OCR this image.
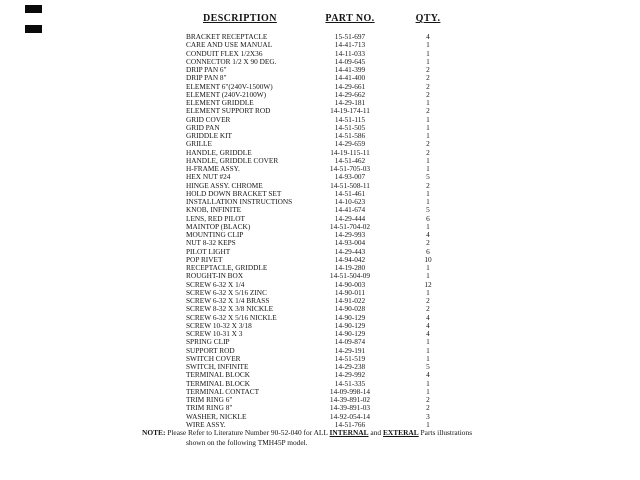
DESCRIPTION	PART NO.	QTY.
BRACKET RECEPTACLE	15-51-697	4
CARE AND USE MANUAL	14-41-713	1
CONDUIT FLEX 1/2X36	14-11-033	1
CONNECTOR 1/2 X 90 DEG.	14-09-645	1
DRIP PAN 6"	14-41-399	2
DRIP PAN 8"	14-41-400	2
ELEMENT 6"(240V-1500W)	14-29-661	2
ELEMENT (240V-2100W)	14-29-662	2
ELEMENT GRIDDLE	14-29-181	1
ELEMENT SUPPORT ROD	14-19-174-11	2
GRID COVER	14-51-115	1
GRID PAN	14-51-505	1
GRIDDLE KIT	14-51-586	1
GRILLE	14-29-659	2
HANDLE, GRIDDLE	14-19-115-11	2
HANDLE, GRIDDLE COVER	14-51-462	1
H-FRAME ASSY.	14-51-705-03	1
HEX NUT #24	14-93-007	5
HINGE ASSY. CHROME	14-51-508-11	2
HOLD DOWN BRACKET SET	14-51-461	1
INSTALLATION INSTRUCTIONS	14-10-623	1
KNOB, INFINITE	14-41-674	5
LENS, RED PILOT	14-29-444	6
MAINTOP (BLACK)	14-51-704-02	1
MOUNTING CLIP	14-29-993	4
NUT 8-32 KEPS	14-93-004	2
PILOT LIGHT	14-29-443	6
POP RIVET	14-94-042	10
RECEPTACLE, GRIDDLE	14-19-280	1
ROUGHT-IN BOX	14-51-504-09	1
SCREW 6-32 X 1/4	14-90-003	12
SCREW 6-32 X 5/16 ZINC	14-90-011	1
SCREW 6-32 X 1/4 BRASS	14-91-022	2
SCREW 8-32 X 3/8 NICKLE	14-90-028	2
SCREW 6-32 X 5/16 NICKLE	14-90-129	4
SCREW 10-32 X 3/18	14-90-129	4
SCREW 10-31 X 3	14-90-129	4
SPRING CLIP	14-09-874	1
SUPPORT ROD	14-29-191	1
SWITCH COVER	14-51-519	1
SWITCH, INFINITE	14-29-238	5
TERMINAL BLOCK	14-29-992	4
TERMINAL BLOCK	14-51-335	1
TERMINAL CONTACT	14-09-998-14	1
TRIM RING 6"	14-39-891-02	2
TRIM RING 8"	14-39-891-03	2
WASHER, NICKLE	14-92-054-14	3
WIRE ASSY.	14-51-766	1
NOTE: Please Refer to Literature Number 90-52-040 for ALL INTERNAL and EXTERAL Parts illustrations
shown on the following TMH45P model.
